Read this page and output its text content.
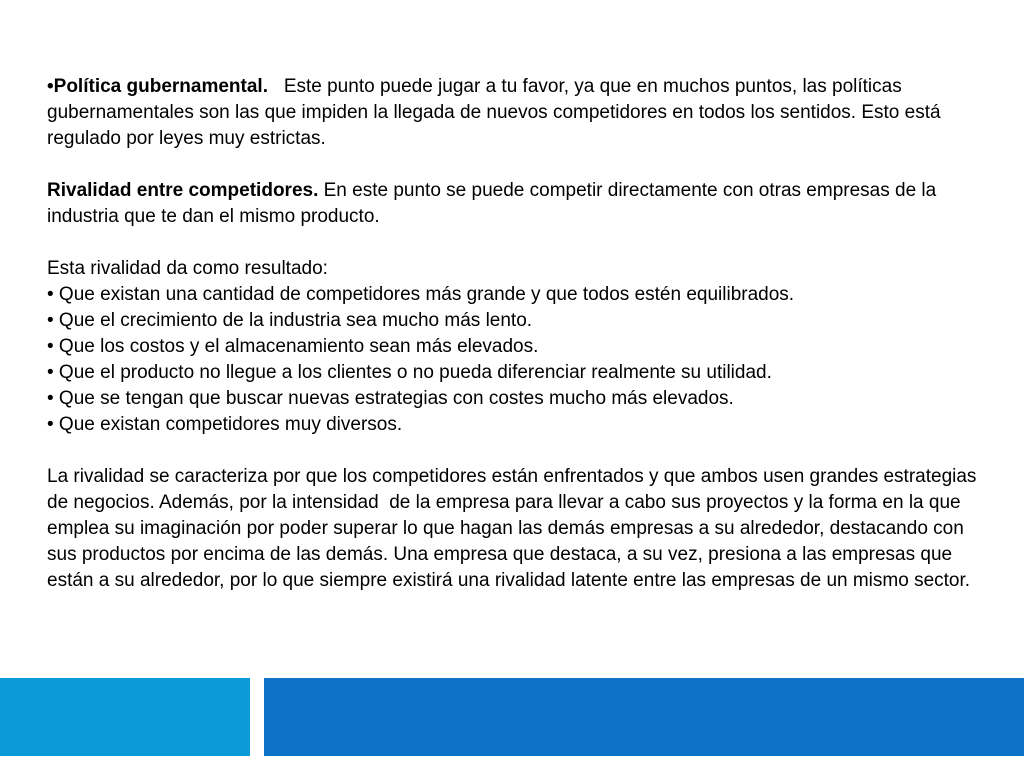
•Política gubernamental.   Este punto puede jugar a tu favor, ya que en muchos puntos, las políticas gubernamentales son las que impiden la llegada de nuevos competidores en todos los sentidos. Esto está regulado por leyes muy estrictas.

Rivalidad entre competidores. En este punto se puede competir directamente con otras empresas de la industria que te dan el mismo producto.

Esta rivalidad da como resultado:

• Que existan una cantidad de competidores más grande y que todos estén equilibrados.
• Que el crecimiento de la industria sea mucho más lento.
• Que los costos y el almacenamiento sean más elevados.
• Que el producto no llegue a los clientes o no pueda diferenciar realmente su utilidad.
• Que se tengan que buscar nuevas estrategias con costes mucho más elevados.
• Que existan competidores muy diversos.

La rivalidad se caracteriza por que los competidores están enfrentados y que ambos usen grandes estrategias de negocios. Además, por la intensidad  de la empresa para llevar a cabo sus proyectos y la forma en la que emplea su imaginación por poder superar lo que hagan las demás empresas a su alrededor, destacando con sus productos por encima de las demás. Una empresa que destaca, a su vez, presiona a las empresas que están a su alrededor, por lo que siempre existirá una rivalidad latente entre las empresas de un mismo sector.
